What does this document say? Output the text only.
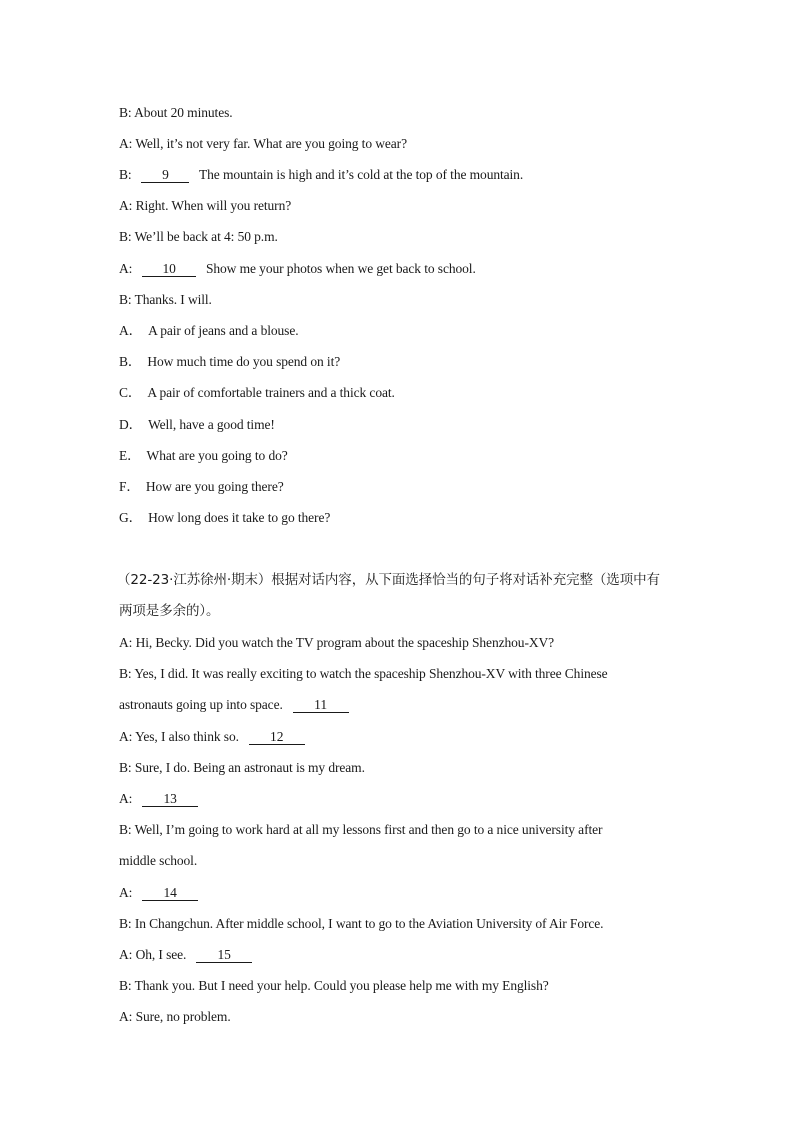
B: About 20 minutes.
A: Well, it’s not very far. What are you going to wear?
B: 9 The mountain is high and it’s cold at the top of the mountain.
A: Right. When will you return?
B: We’ll be back at 4: 50 p.m.
A: 10 Show me your photos when we get back to school.
B: Thanks. I will.
A． A pair of jeans and a blouse.
B． How much time do you spend on it?
C． A pair of comfortable trainers and a thick coat.
D． Well, have a good time!
E． What are you going to do?
F． How are you going there?
G． How long does it take to go there?
（22-23·江苏徐州·期末）根据对话内容，从下面选择恰当的句子将对话补充完整（选项中有
两项是多余的）。
A: Hi, Becky. Did you watch the TV program about the spaceship Shenzhou-XV?
B: Yes, I did. It was really exciting to watch the spaceship Shenzhou-XV with three Chinese
astronauts going up into space. 11
A: Yes, I also think so. 12
B: Sure, I do. Being an astronaut is my dream.
A: 13
B: Well, I’m going to work hard at all my lessons first and then go to a nice university after
middle school.
A: 14
B: In Changchun. After middle school, I want to go to the Aviation University of Air Force.
A: Oh, I see. 15
B: Thank you. But I need your help. Could you please help me with my English?
A: Sure, no problem.
